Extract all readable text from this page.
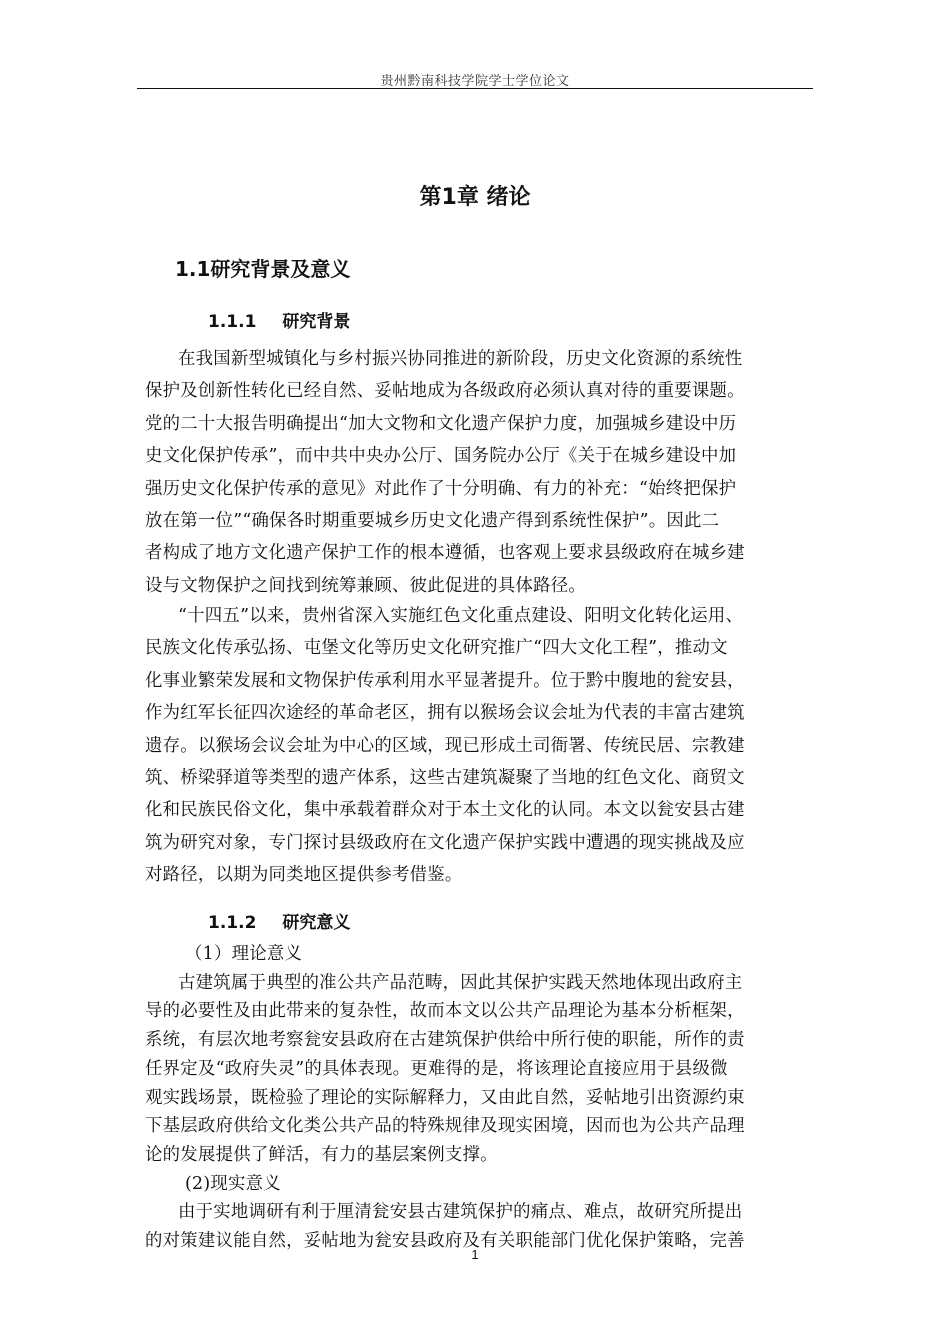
贵州黔南科技学院学士学位论文
第1章 绪论
1.1研究背景及意义
1.1.1 研究背景
在我国新型城镇化与乡村振兴协同推进的新阶段，历史文化资源的系统性
保护及创新性转化已经自然、妥帖地成为各级政府必须认真对待的重要课题。
党的二十大报告明确提出“加大文物和文化遗产保护力度，加强城乡建设中历
史文化保护传承”，而中共中央办公厅、国务院办公厅《关于在城乡建设中加
强历史文化保护传承的意见》对此作了十分明确、有力的补充：“始终把保护
放在第一位”“确保各时期重要城乡历史文化遗产得到系统性保护”。因此二
者构成了地方文化遗产保护工作的根本遵循，也客观上要求县级政府在城乡建
设与文物保护之间找到统筹兼顾、彼此促进的具体路径。
“十四五”以来，贵州省深入实施红色文化重点建设、阳明文化转化运用、
民族文化传承弘扬、屯堡文化等历史文化研究推广“四大文化工程”，推动文
化事业繁荣发展和文物保护传承利用水平显著提升。位于黔中腹地的瓮安县，
作为红军长征四次途经的革命老区，拥有以猴场会议会址为代表的丰富古建筑
遗存。以猴场会议会址为中心的区域，现已形成土司衙署、传统民居、宗教建
筑、桥梁驿道等类型的遗产体系，这些古建筑凝聚了当地的红色文化、商贸文
化和民族民俗文化，集中承载着群众对于本土文化的认同。本文以瓮安县古建
筑为研究对象，专门探讨县级政府在文化遗产保护实践中遭遇的现实挑战及应
对路径，以期为同类地区提供参考借鉴。
1.1.2 研究意义
（1）理论意义
古建筑属于典型的准公共产品范畴，因此其保护实践天然地体现出政府主
导的必要性及由此带来的复杂性，故而本文以公共产品理论为基本分析框架，
系统，有层次地考察瓮安县政府在古建筑保护供给中所行使的职能，所作的责
任界定及“政府失灵”的具体表现。更难得的是，将该理论直接应用于县级微
观实践场景，既检验了理论的实际解释力，又由此自然，妥帖地引出资源约束
下基层政府供给文化类公共产品的特殊规律及现实困境，因而也为公共产品理
论的发展提供了鲜活，有力的基层案例支撑。
(2)现实意义
由于实地调研有利于厘清瓮安县古建筑保护的痛点、难点，故研究所提出
的对策建议能自然，妥帖地为瓮安县政府及有关职能部门优化保护策略，完善
1
